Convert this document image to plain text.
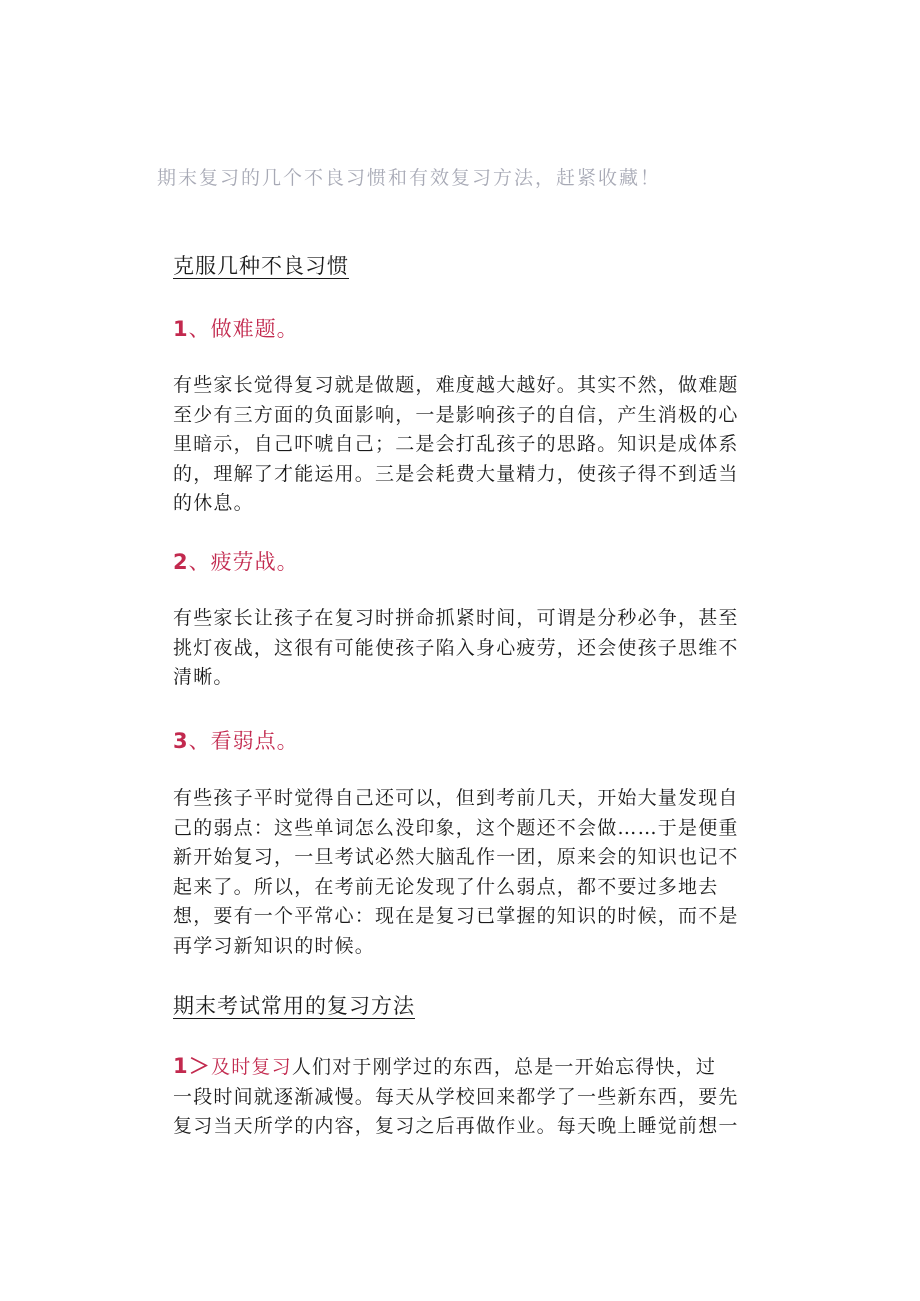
期末复习的几个不良习惯和有效复习方法，赶紧收藏！
克服几种不良习惯
1、做难题。

有些家长觉得复习就是做题，难度越大越好。其实不然，做难题
至少有三方面的负面影响，一是影响孩子的自信，产生消极的心
里暗示，自己吓唬自己；二是会打乱孩子的思路。知识是成体系
的，理解了才能运用。三是会耗费大量精力，使孩子得不到适当
的休息。

2、疲劳战。

有些家长让孩子在复习时拼命抓紧时间，可谓是分秒必争，甚至
挑灯夜战，这很有可能使孩子陷入身心疲劳，还会使孩子思维不
清晰。

3、看弱点。

有些孩子平时觉得自己还可以，但到考前几天，开始大量发现自
己的弱点：这些单词怎么没印象，这个题还不会做……于是便重
新开始复习，一旦考试必然大脑乱作一团，原来会的知识也记不
起来了。所以，在考前无论发现了什么弱点，都不要过多地去
想，要有一个平常心：现在是复习已掌握的知识的时候，而不是
再学习新知识的时候。

期末考试常用的复习方法

1＞及时复习人们对于刚学过的东西，总是一开始忘得快，过
一段时间就逐渐减慢。每天从学校回来都学了一些新东西，要先
复习当天所学的内容，复习之后再做作业。每天晚上睡觉前想一
